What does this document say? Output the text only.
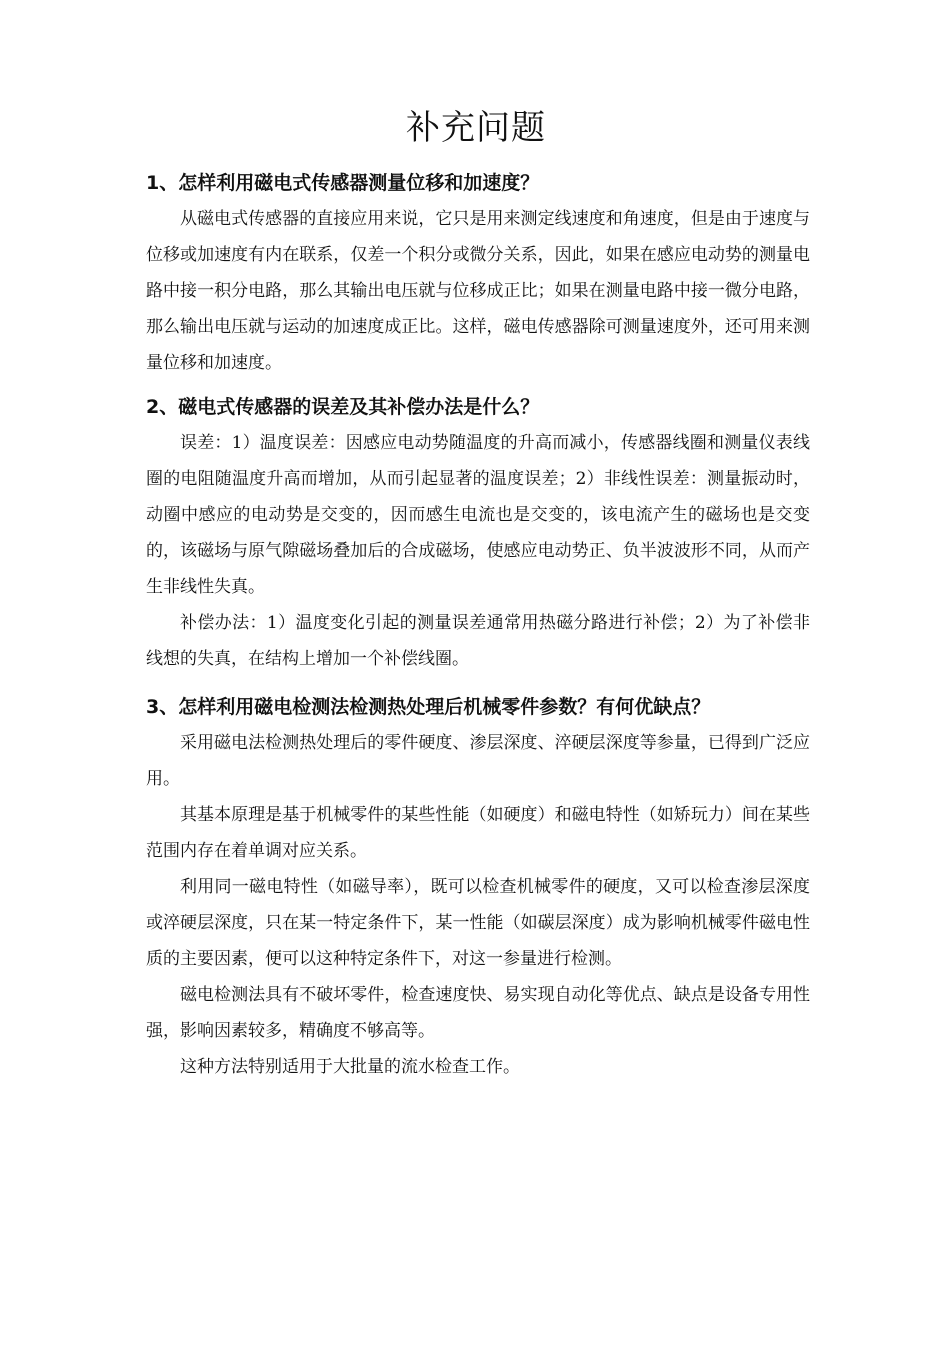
补充问题
1、怎样利用磁电式传感器测量位移和加速度？

从磁电式传感器的直接应用来说，它只是用来测定线速度和角速度，但是由于速度与位移或加速度有内在联系，仅差一个积分或微分关系，因此，如果在感应电动势的测量电路中接一积分电路，那么其输出电压就与位移成正比；如果在测量电路中接一微分电路，那么输出电压就与运动的加速度成正比。这样，磁电传感器除可测量速度外，还可用来测量位移和加速度。

2、磁电式传感器的误差及其补偿办法是什么？

误差：1）温度误差：因感应电动势随温度的升高而减小，传感器线圈和测量仪表线圈的电阻随温度升高而增加，从而引起显著的温度误差；2）非线性误差：测量振动时，动圈中感应的电动势是交变的，因而感生电流也是交变的，该电流产生的磁场也是交变的，该磁场与原气隙磁场叠加后的合成磁场，使感应电动势正、负半波波形不同，从而产生非线性失真。

补偿办法：1）温度变化引起的测量误差通常用热磁分路进行补偿；2）为了补偿非线想的失真，在结构上增加一个补偿线圈。

3、怎样利用磁电检测法检测热处理后机械零件参数？有何优缺点？

采用磁电法检测热处理后的零件硬度、渗层深度、淬硬层深度等参量，已得到广泛应用。

其基本原理是基于机械零件的某些性能（如硬度）和磁电特性（如矫玩力）间在某些范围内存在着单调对应关系。

利用同一磁电特性（如磁导率），既可以检查机械零件的硬度，又可以检查渗层深度或淬硬层深度，只在某一特定条件下，某一性能（如碳层深度）成为影响机械零件磁电性质的主要因素，便可以这种特定条件下，对这一参量进行检测。

磁电检测法具有不破坏零件，检查速度快、易实现自动化等优点、缺点是设备专用性强，影响因素较多，精确度不够高等。

这种方法特别适用于大批量的流水检查工作。
